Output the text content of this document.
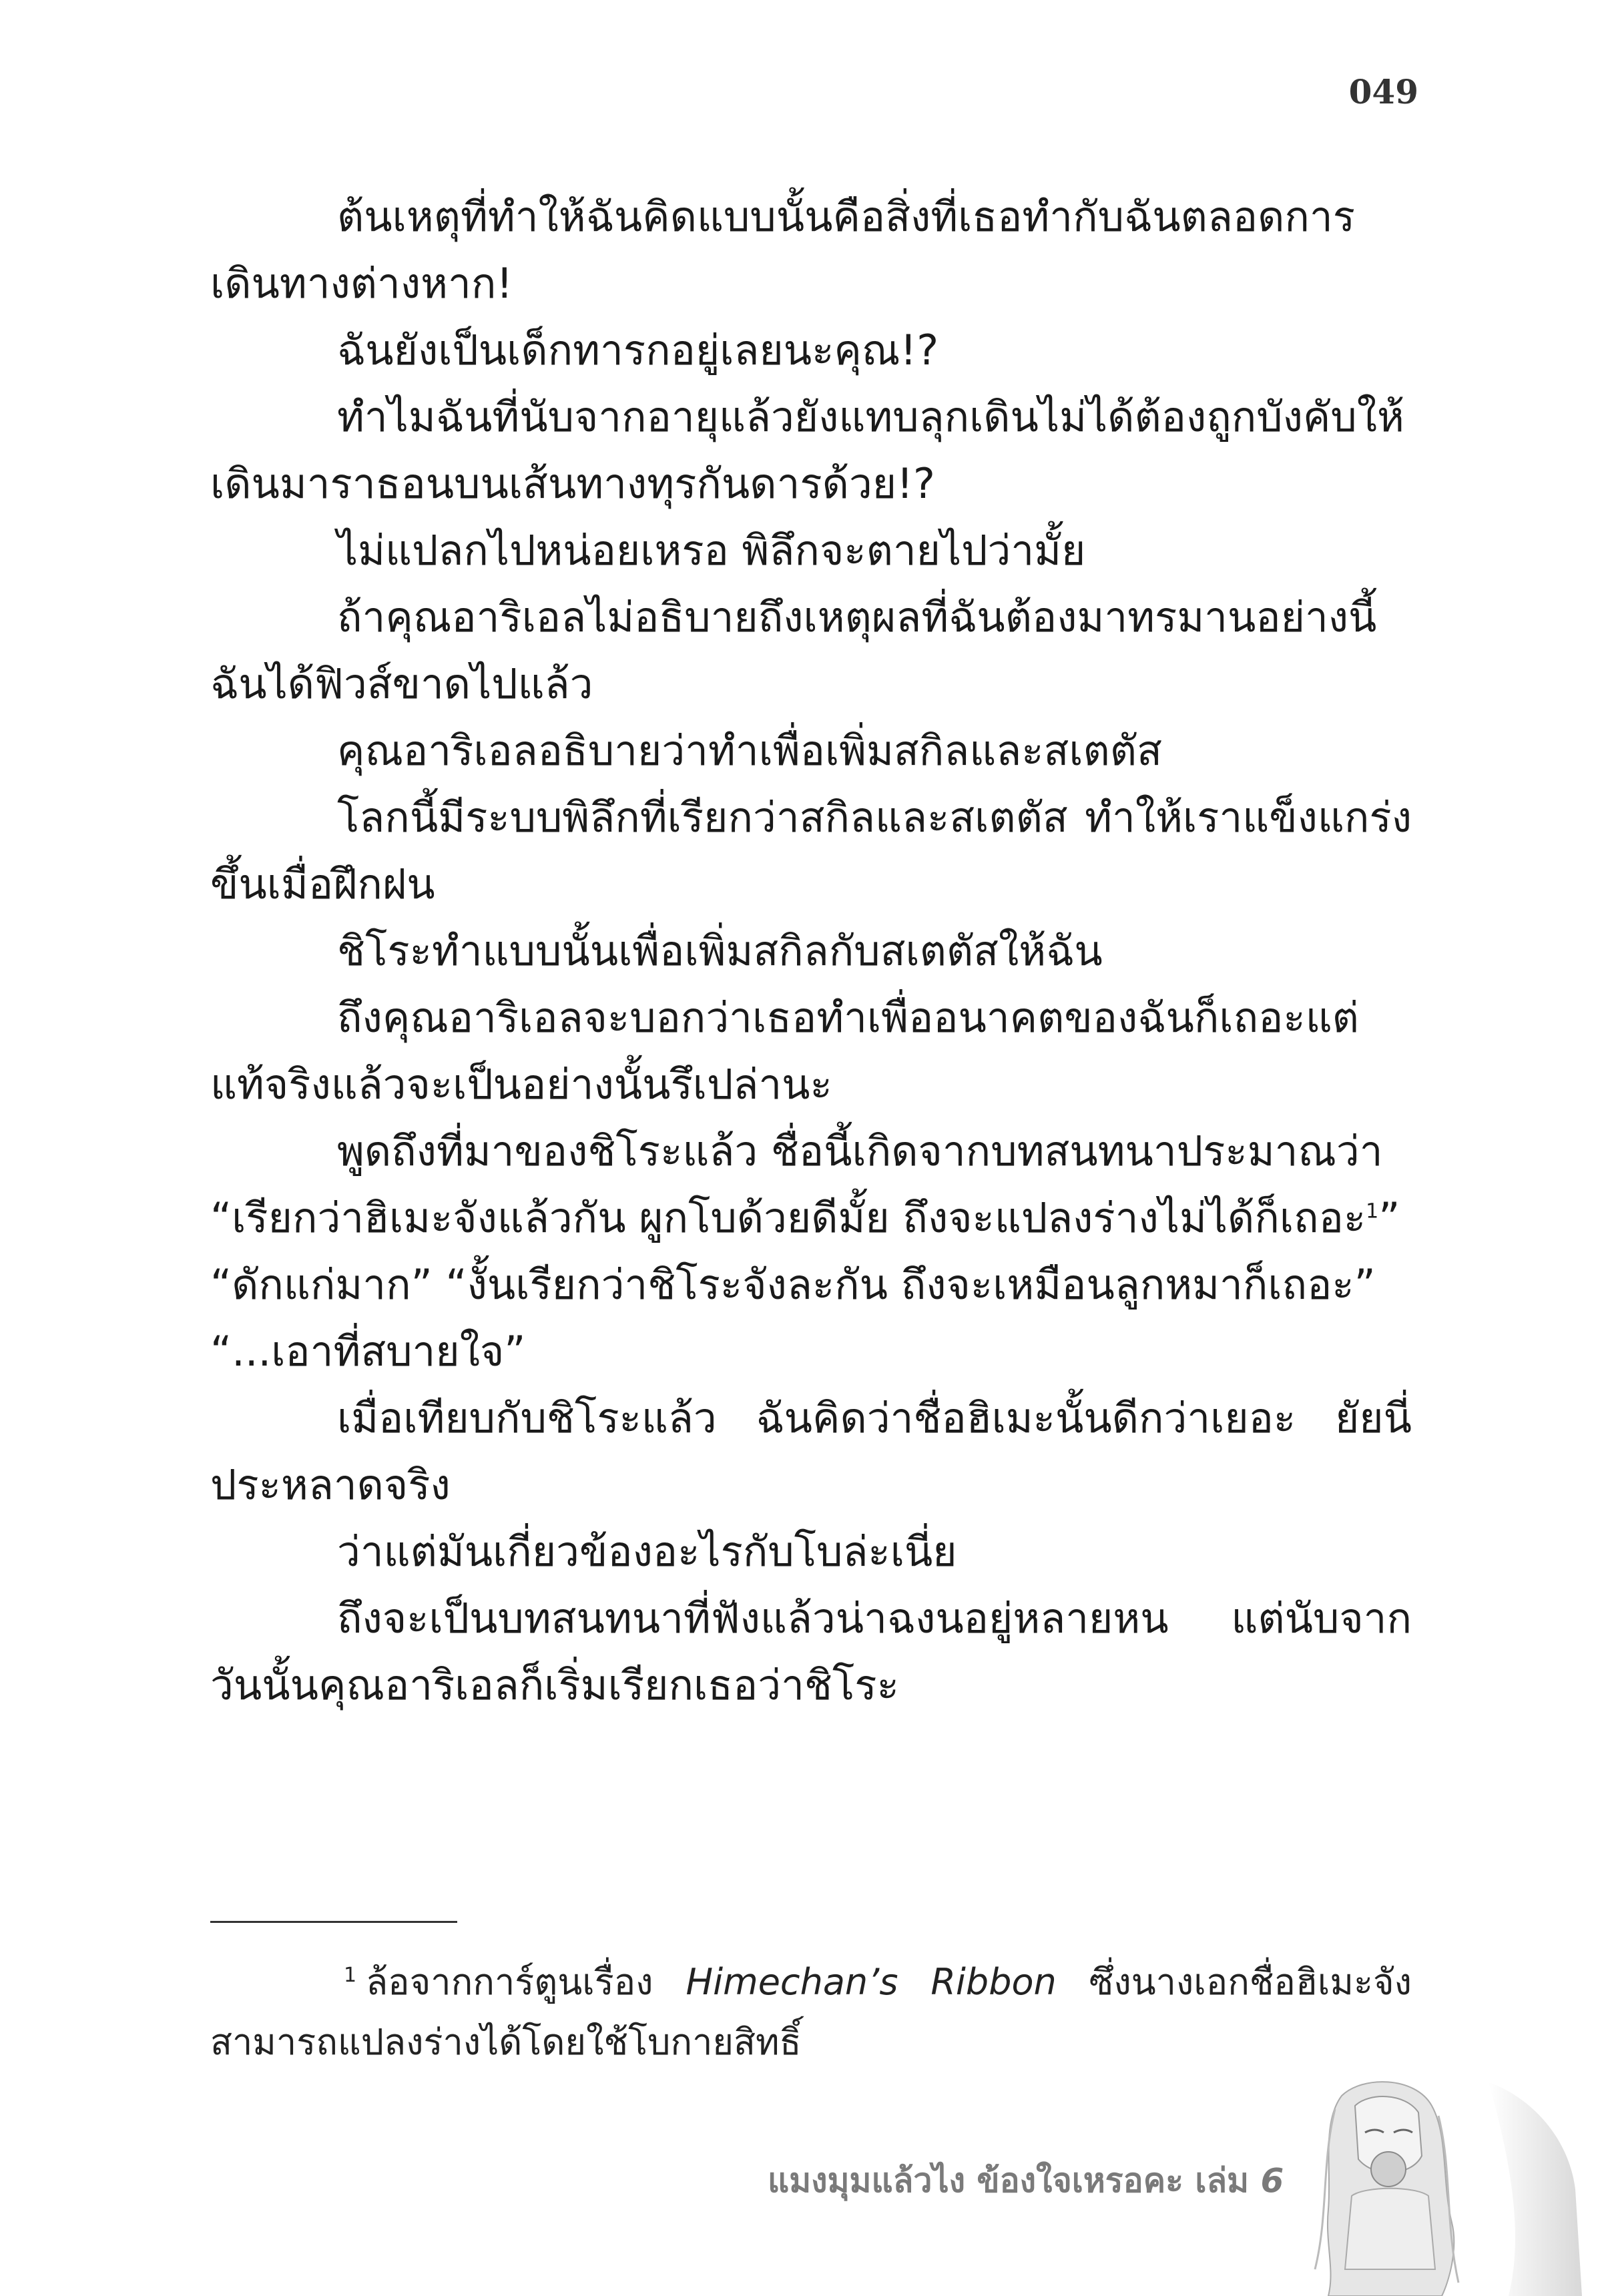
049

ต้นเหตุที่ทำให้ฉันคิดแบบนั้นคือสิ่งที่เธอทำกับฉันตลอดการเดินทางต่างหาก!

ฉันยังเป็นเด็กทารกอยู่เลยนะคุณ!?

ทำไมฉันที่นับจากอายุแล้วยังแทบลุกเดินไม่ได้ต้องถูกบังคับให้เดินมาราธอนบนเส้นทางทุรกันดารด้วย!?

ไม่แปลกไปหน่อยเหรอ พิลึกจะตายไปว่ามั้ย

ถ้าคุณอาริเอลไม่อธิบายถึงเหตุผลที่ฉันต้องมาทรมานอย่างนี้ฉันได้ฟิวส์ขาดไปแล้ว

คุณอาริเอลอธิบายว่าทำเพื่อเพิ่มสกิลและสเตตัส

โลกนี้มีระบบพิลึกที่เรียกว่าสกิลและสเตตัส ทำให้เราแข็งแกร่งขึ้นเมื่อฝึกฝน

ชิโระทำแบบนั้นเพื่อเพิ่มสกิลกับสเตตัสให้ฉัน

ถึงคุณอาริเอลจะบอกว่าเธอทำเพื่ออนาคตของฉันก็เถอะแต่แท้จริงแล้วจะเป็นอย่างนั้นรึเปล่านะ

พูดถึงที่มาของชิโระแล้ว ชื่อนี้เกิดจากบทสนทนาประมาณว่า

“เรียกว่าฮิเมะจังแล้วกัน ผูกโบด้วยดีมั้ย ถึงจะแปลงร่างไม่ได้ก็เถอะ$^1$”

“ดักแก่มาก” “งั้นเรียกว่าชิโระจังละกัน ถึงจะเหมือนลูกหมาก็เถอะ”

“...เอาที่สบายใจ”

เมื่อเทียบกับชิโระแล้ว ฉันคิดว่าชื่อฮิเมะนั้นดีกว่าเยอะ ยัยนี่ประหลาดจริง

ว่าแต่มันเกี่ยวข้องอะไรกับโบล่ะเนี่ย

ถึงจะเป็นบทสนทนาที่ฟังแล้วน่าฉงนอยู่หลายหน แต่นับจากวันนั้นคุณอาริเอลก็เริ่มเรียกเธอว่าชิโระ

$^1$ ล้อจากการ์ตูนเรื่อง Himechan’s Ribbon ซึ่งนางเอกชื่อฮิเมะจังสามารถแปลงร่างได้โดยใช้โบกายสิทธิ์

แมงมุมแล้วไง ข้องใจเหรอคะ เล่ม 6
